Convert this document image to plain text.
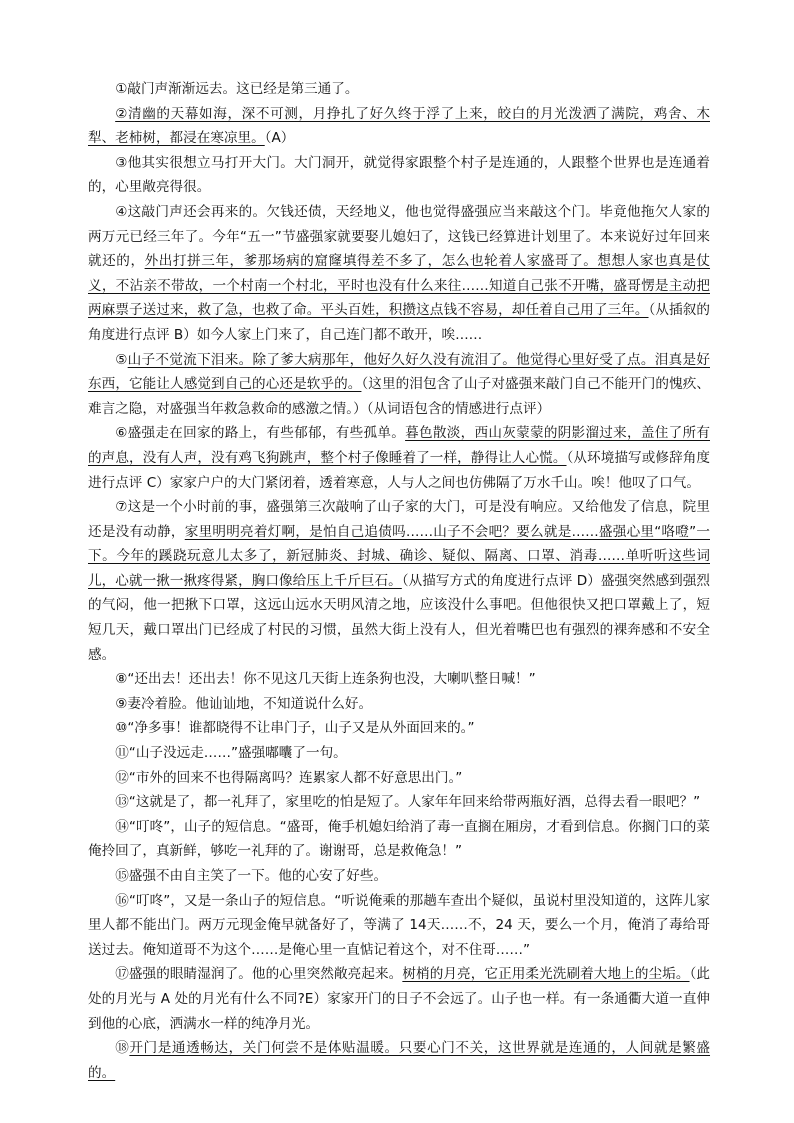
①敲门声渐渐远去。这已经是第三通了。

②清幽的天幕如海，深不可测，月挣扎了好久终于浮了上来，皎白的月光泼洒了满院，鸡舍、木犁、老柿树，都浸在寒凉里。（A）

③他其实很想立马打开大门。大门洞开，就觉得家跟整个村子是连通的，人跟整个世界也是连通着的，心里敞亮得很。

④这敲门声还会再来的。欠钱还债，天经地义，他也觉得盛强应当来敲这个门。毕竟他拖欠人家的两万元已经三年了。今年“五一”节盛强家就要娶儿媳妇了，这钱已经算进计划里了。本来说好过年回来就还的，外出打拼三年，爹那场病的窟窿填得差不多了，怎么也轮着人家盛哥了。想想人家也真是仗义，不沾亲不带故，一个村南一个村北，平时也没有什么来往……知道自己张不开嘴，盛哥愣是主动把两麻票子送过来，救了急，也救了命。平头百姓，积攒这点钱不容易，却任着自己用了三年。（从插叙的角度进行点评 B）如今人家上门来了，自己连门都不敢开，唉……

⑤山子不觉流下泪来。除了爹大病那年，他好久好久没有流泪了。他觉得心里好受了点。泪真是好东西，它能让人感觉到自己的心还是软乎的。（这里的泪包含了山子对盛强来敲门自己不能开门的愧疚、难言之隐，对盛强当年救急救命的感激之情。）（从词语包含的情感进行点评）

⑥盛强走在回家的路上，有些郁郁，有些孤单。暮色散淡，西山灰蒙蒙的阴影溜过来，盖住了所有的声息，没有人声，没有鸡飞狗跳声，整个村子像睡着了一样，静得让人心慌。（从环境描写或修辞角度进行点评 C）家家户户的大门紧闭着，透着寒意，人与人之间也仿佛隔了万水千山。唉！他叹了口气。

⑦这是一个小时前的事，盛强第三次敲响了山子家的大门，可是没有响应。又给他发了信息，院里还是没有动静，家里明明亮着灯啊，是怕自己追债吗……山子不会吧？要么就是……盛强心里“咯噔”一下。今年的蹊跷玩意儿太多了，新冠肺炎、封城、确诊、疑似、隔离、口罩、消毒……单听听这些词儿，心就一揪一揪疼得紧，胸口像给压上千斤巨石。（从描写方式的角度进行点评 D）盛强突然感到强烈的气闷，他一把揪下口罩，这远山远水天明风清之地，应该没什么事吧。但他很快又把口罩戴上了，短短几天，戴口罩出门已经成了村民的习惯，虽然大街上没有人，但光着嘴巴也有强烈的裸奔感和不安全感。

⑧“还出去！还出去！你不见这几天街上连条狗也没，大喇叭整日喊！”

⑨妻冷着脸。他讪讪地，不知道说什么好。

⑩“净多事！谁都晓得不让串门子，山子又是从外面回来的。”

⑪“山子没远走……”盛强嘟囔了一句。

⑫“市外的回来不也得隔离吗？连累家人都不好意思出门。”

⑬“这就是了，都一礼拜了，家里吃的怕是短了。人家年年回来给带两瓶好酒，总得去看一眼吧？”

⑭“叮咚”，山子的短信息。“盛哥，俺手机媳妇给消了毒一直搁在厢房，才看到信息。你搁门口的菜俺拎回了，真新鲜，够吃一礼拜的了。谢谢哥，总是救俺急！”

⑮盛强不由自主笑了一下。他的心安了好些。

⑯“叮咚”，又是一条山子的短信息。“听说俺乘的那趟车查出个疑似，虽说村里没知道的，这阵儿家里人都不能出门。两万元现金俺早就备好了，等满了 14天……不，24 天，要么一个月，俺消了毒给哥送过去。俺知道哥不为这个……是俺心里一直惦记着这个，对不住哥……”

⑰盛强的眼睛湿润了。他的心里突然敞亮起来。树梢的月亮，它正用柔光洗刷着大地上的尘垢。（此处的月光与 A 处的月光有什么不同?E）家家开门的日子不会远了。山子也一样。有一条通衢大道一直伸到他的心底，洒满水一样的纯净月光。

⑱开门是通透畅达，关门何尝不是体贴温暖。只要心门不关，这世界就是连通的，人间就是繁盛的。
